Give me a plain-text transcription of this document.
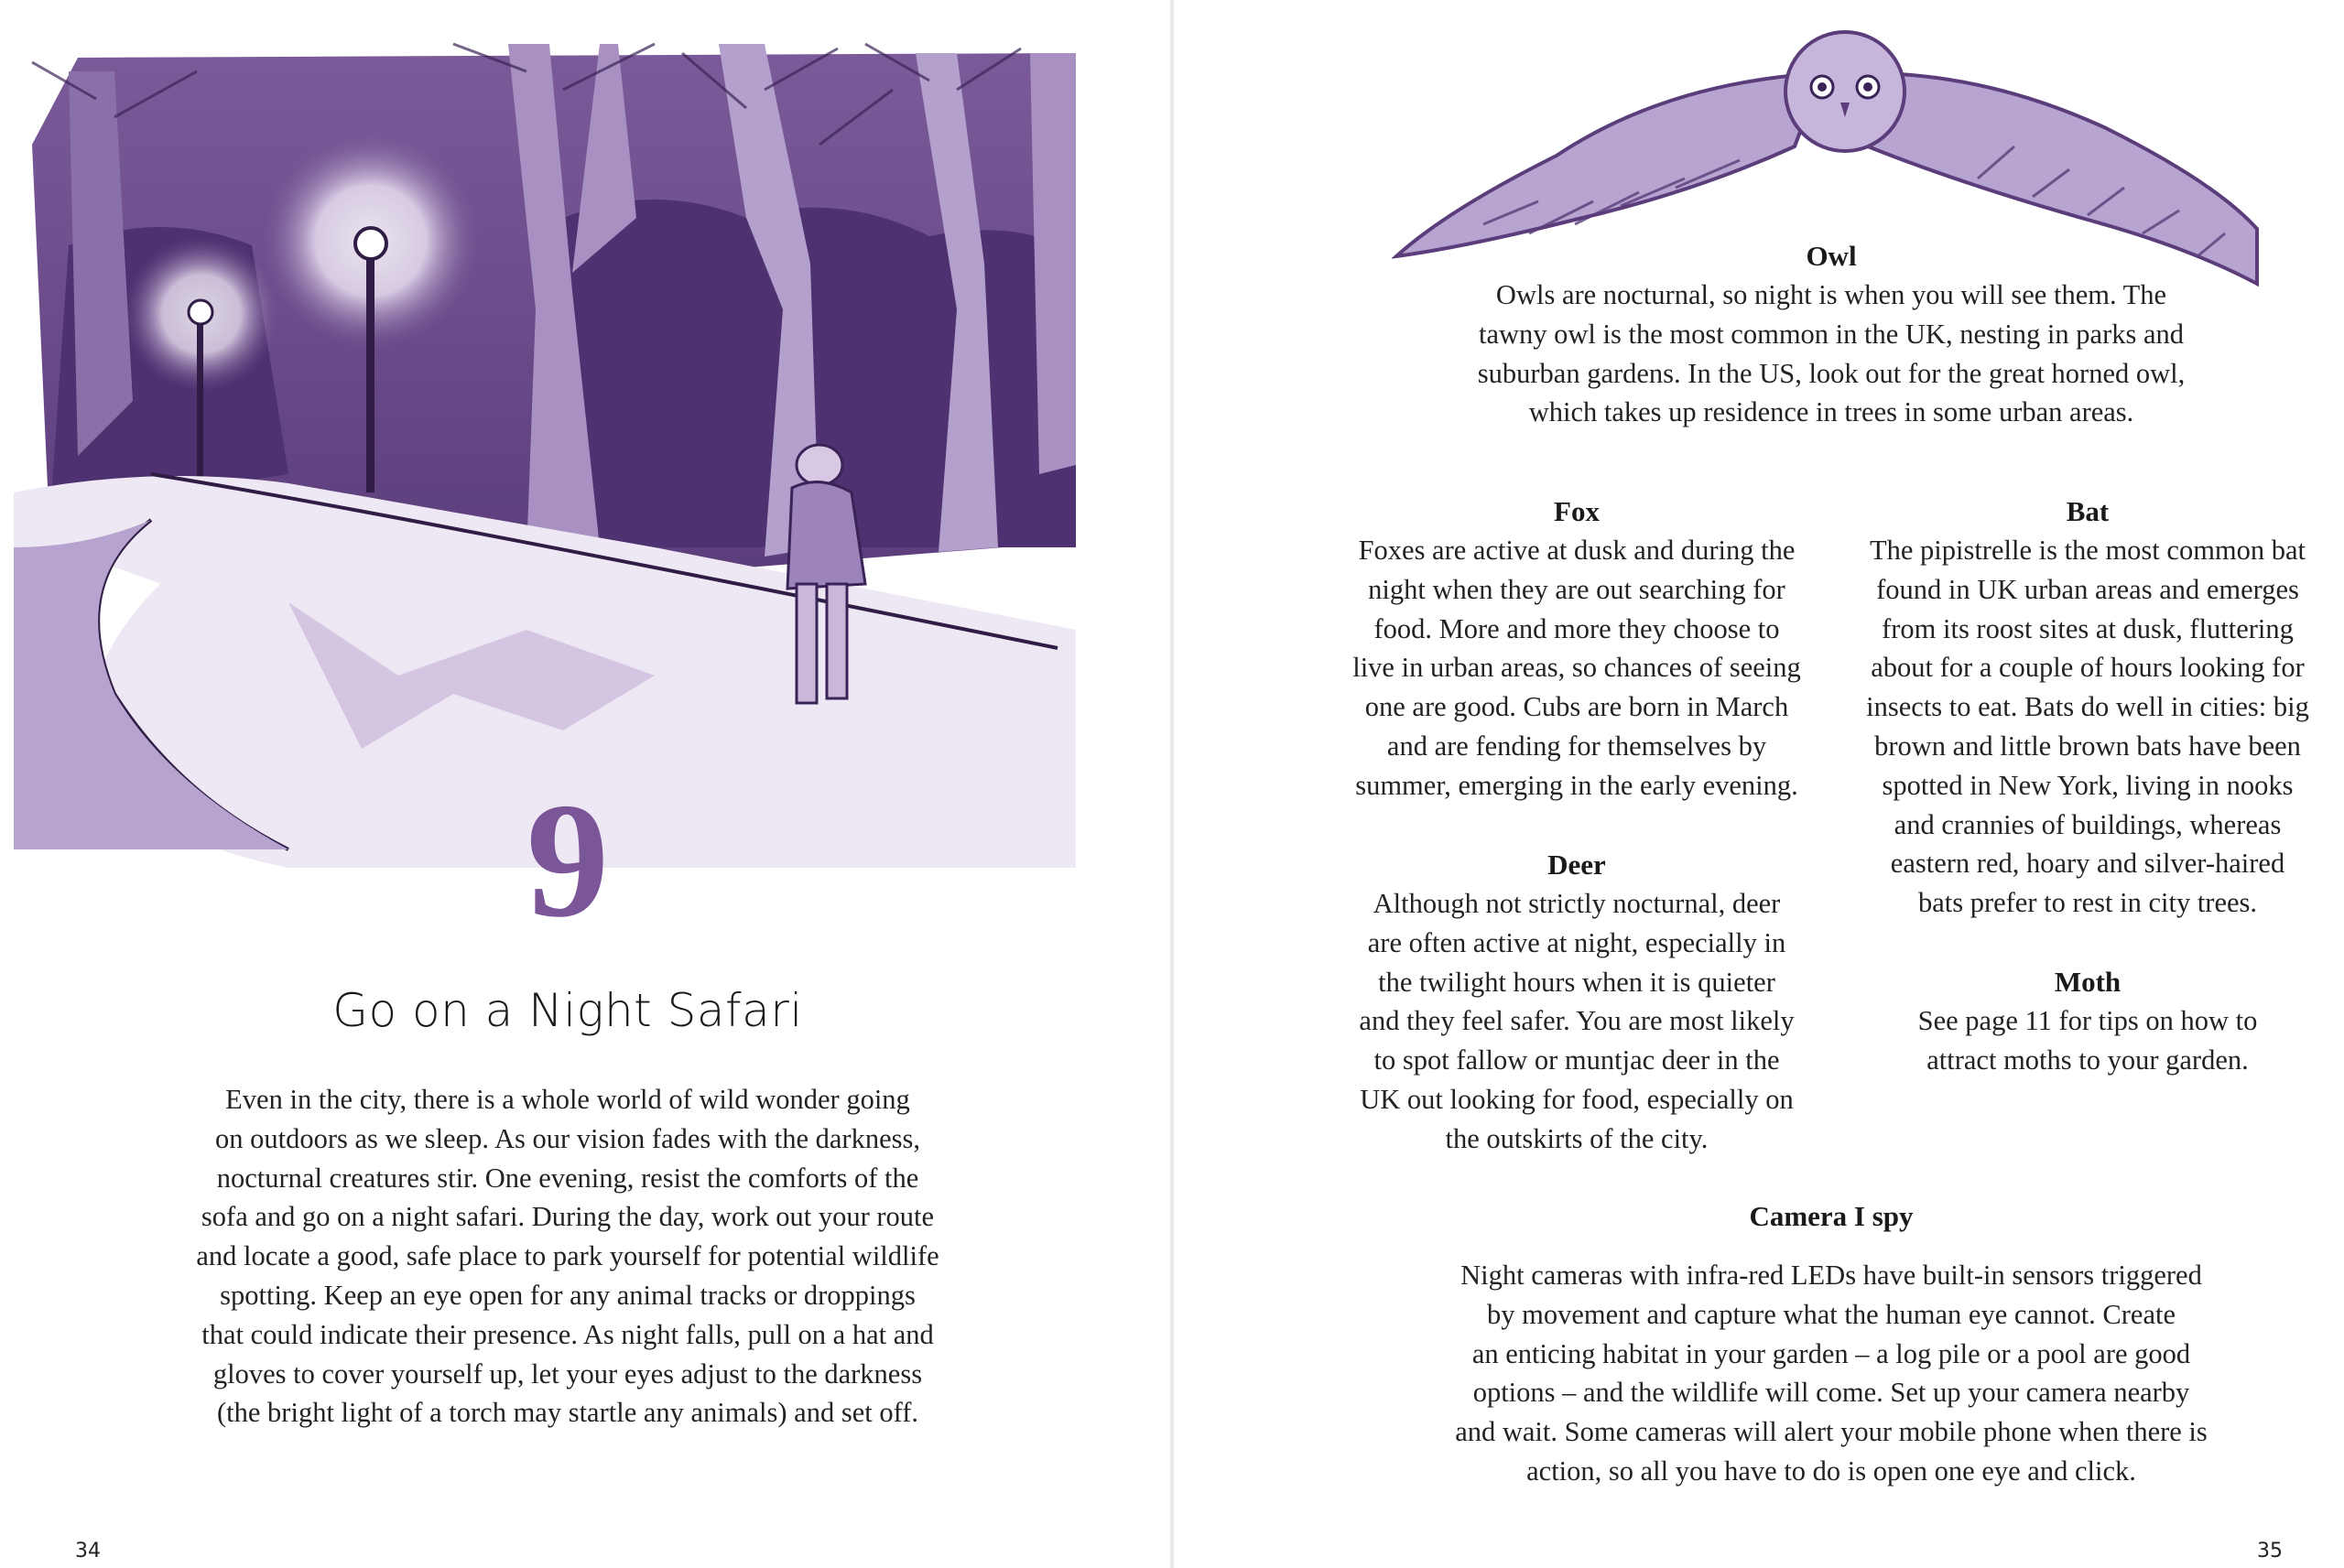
9
Go on a Night Safari
Even in the city, there is a whole world of wild wonder going
on outdoors as we sleep. As our vision fades with the darkness,
nocturnal creatures stir. One evening, resist the comforts of the
sofa and go on a night safari. During the day, work out your route
and locate a good, safe place to park yourself for potential wildlife
spotting. Keep an eye open for any animal tracks or droppings
that could indicate their presence. As night falls, pull on a hat and
gloves to cover yourself up, let your eyes adjust to the darkness
(the bright light of a torch may startle any animals) and set off.
34
Owl
Owls are nocturnal, so night is when you will see them. The
tawny owl is the most common in the UK, nesting in parks and
suburban gardens. In the US, look out for the great horned owl,
which takes up residence in trees in some urban areas.
Fox
Foxes are active at dusk and during the
night when they are out searching for
food. More and more they choose to
live in urban areas, so chances of seeing
one are good. Cubs are born in March
and are fending for themselves by
summer, emerging in the early evening.
Bat
The pipistrelle is the most common bat
found in UK urban areas and emerges
from its roost sites at dusk, fluttering
about for a couple of hours looking for
insects to eat. Bats do well in cities: big
brown and little brown bats have been
spotted in New York, living in nooks
and crannies of buildings, whereas
eastern red, hoary and silver-haired
bats prefer to rest in city trees.
Deer
Although not strictly nocturnal, deer
are often active at night, especially in
the twilight hours when it is quieter
and they feel safer. You are most likely
to spot fallow or muntjac deer in the
UK out looking for food, especially on
the outskirts of the city.
Moth
See page 11 for tips on how to
attract moths to your garden.
Camera I spy
Night cameras with infra-red LEDs have built-in sensors triggered
by movement and capture what the human eye cannot. Create
an enticing habitat in your garden – a log pile or a pool are good
options – and the wildlife will come. Set up your camera nearby
and wait. Some cameras will alert your mobile phone when there is
action, so all you have to do is open one eye and click.
35
